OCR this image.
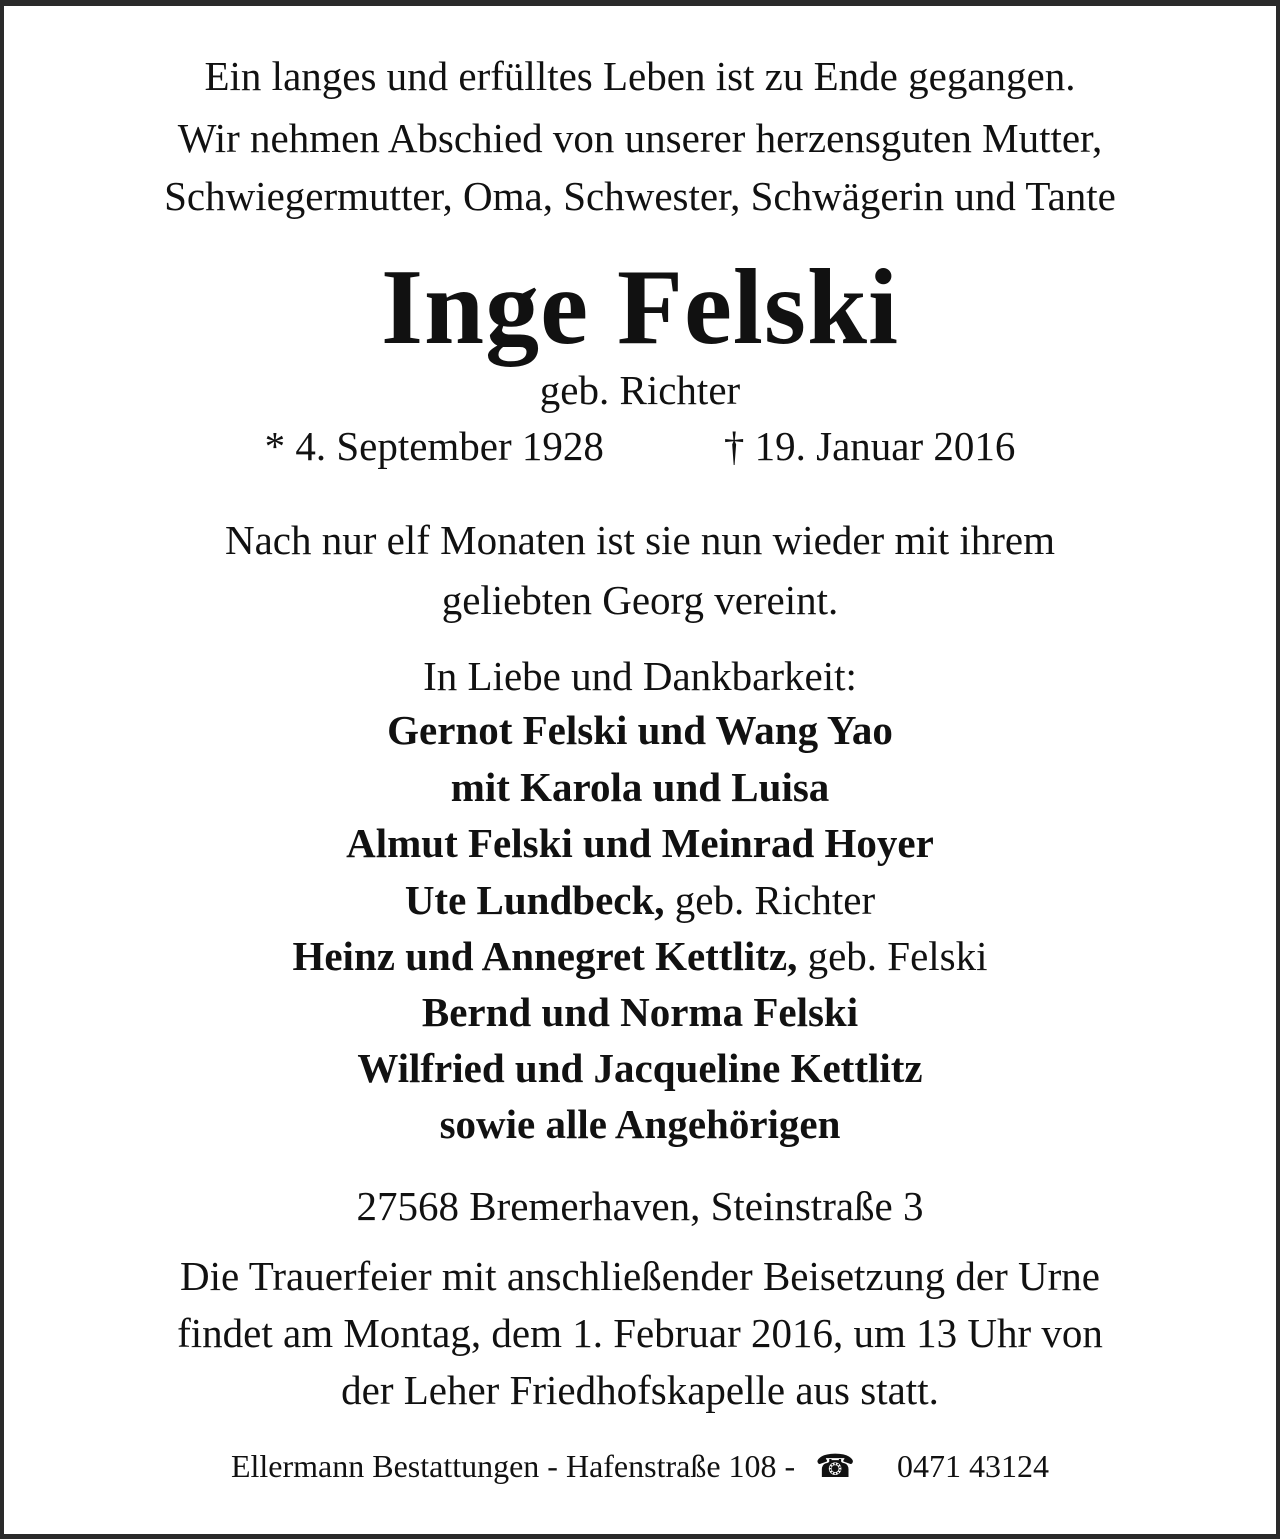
Ein langes und erfülltes Leben ist zu Ende gegangen.
Wir nehmen Abschied von unserer herzensguten Mutter,
Schwiegermutter, Oma, Schwester, Schwägerin und Tante
Inge Felski
geb. Richter
* 4. September 1928	† 19. Januar 2016
Nach nur elf Monaten ist sie nun wieder mit ihrem
geliebten Georg vereint.
In Liebe und Dankbarkeit:
Gernot Felski und Wang Yao
mit Karola und Luisa
Almut Felski und Meinrad Hoyer
Ute Lundbeck, geb. Richter
Heinz und Annegret Kettlitz, geb. Felski
Bernd und Norma Felski
Wilfried und Jacqueline Kettlitz
sowie alle Angehörigen
27568 Bremerhaven, Steinstraße 3
Die Trauerfeier mit anschließender Beisetzung der Urne
findet am Montag, dem 1. Februar 2016, um 13 Uhr von
der Leher Friedhofskapelle aus statt.
Ellermann Bestattungen - Hafenstraße 108 - ☎ 0471 43124
